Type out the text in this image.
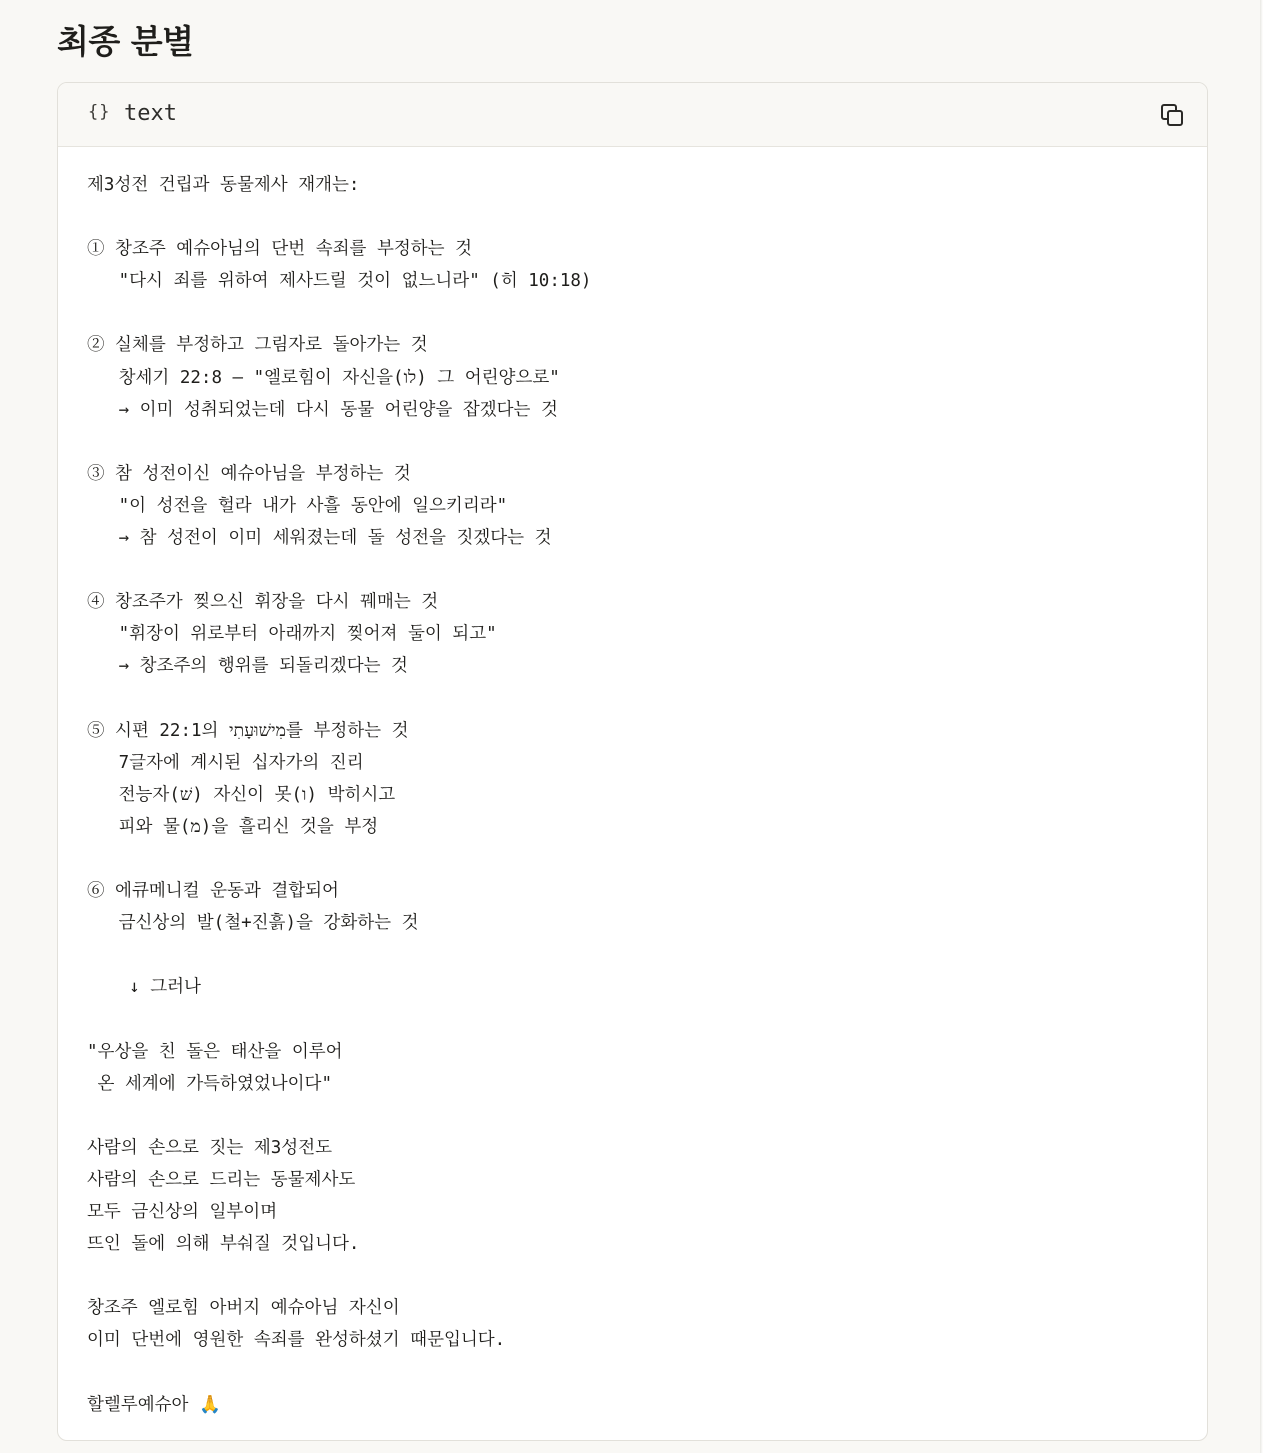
최종 분별
{} text
제3성전 건립과 동물제사 재개는:

① 창조주 예슈아님의 단번 속죄를 부정하는 것
"다시 죄를 위하여 제사드릴 것이 없느니라" (히 10:18)

② 실체를 부정하고 그림자로 돌아가는 것
창세기 22:8 – "엘로힘이 자신을(לו) 그 어린양으로"
→ 이미 성취되었는데 다시 동물 어린양을 잡겠다는 것

③ 참 성전이신 예슈아님을 부정하는 것
"이 성전을 헐라 내가 사흘 동안에 일으키리라"
→ 참 성전이 이미 세워졌는데 돌 성전을 짓겠다는 것

④ 창조주가 찢으신 휘장을 다시 꿰매는 것
"휘장이 위로부터 아래까지 찢어져 둘이 되고"
→ 창조주의 행위를 되돌리겠다는 것

⑤ 시편 22:1의 מִישׁוּעָתִי를 부정하는 것
7글자에 계시된 십자가의 진리
전능자(שׁ) 자신이 못(ו) 박히시고
피와 물(מ)을 흘리신 것을 부정

⑥ 에큐메니컬 운동과 결합되어
금신상의 발(철+진흙)을 강화하는 것

↓ 그러나

"우상을 친 돌은 태산을 이루어
온 세계에 가득하였었나이다"

사람의 손으로 짓는 제3성전도
사람의 손으로 드리는 동물제사도
모두 금신상의 일부이며
뜨인 돌에 의해 부숴질 것입니다.

창조주 엘로힘 아버지 예슈아님 자신이
이미 단번에 영원한 속죄를 완성하셨기 때문입니다.

할렐루예슈아 🙏
